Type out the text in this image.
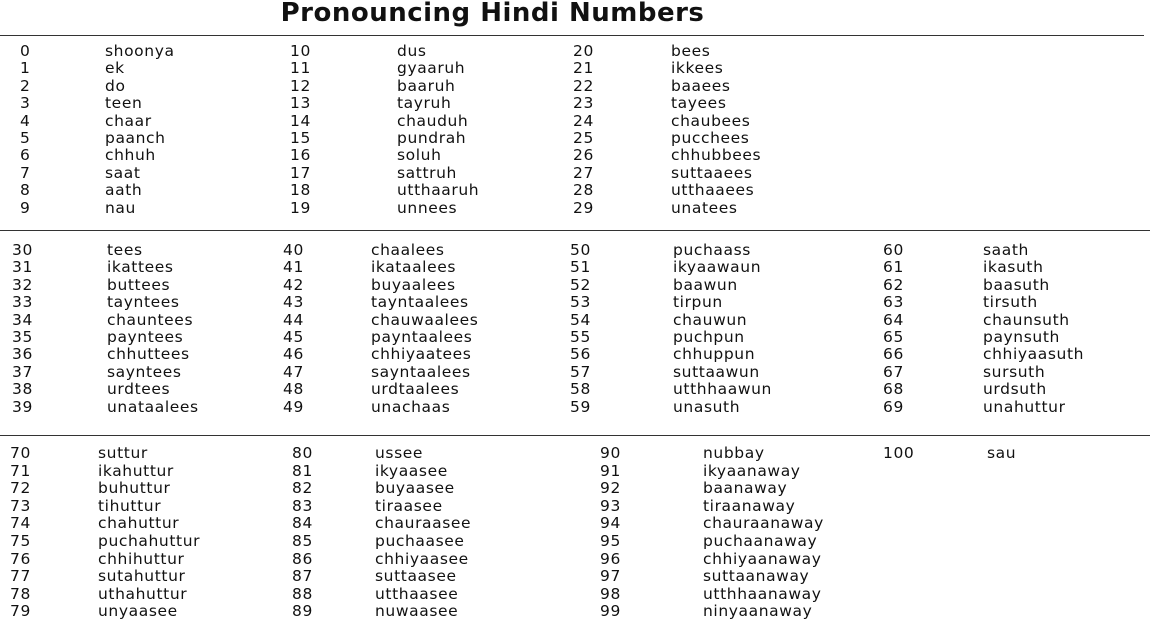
Pronouncing Hindi Numbers
0	shoonya
1	ek
2	do
3	teen
4	chaar
5	paanch
6	chhuh
7	saat
8	aath
9	nau
10	dus
11	gyaaruh
12	baaruh
13	tayruh
14	chauduh
15	pundrah
16	soluh
17	sattruh
18	utthaaruh
19	unnees
20	bees
21	ikkees
22	baaees
23	tayees
24	chaubees
25	pucchees
26	chhubbees
27	suttaaees
28	utthaaees
29	unatees
30	tees
31	ikattees
32	buttees
33	tayntees
34	chauntees
35	payntees
36	chhuttees
37	sayntees
38	urdtees
39	unataalees
40	chaalees
41	ikataalees
42	buyaalees
43	tayntaalees
44	chauwaalees
45	payntaalees
46	chhiyaatees
47	sayntaalees
48	urdtaalees
49	unachaas
50	puchaass
51	ikyaawaun
52	baawun
53	tirpun
54	chauwun
55	puchpun
56	chhuppun
57	suttaawun
58	utthhaawun
59	unasuth
60	saath
61	ikasuth
62	baasuth
63	tirsuth
64	chaunsuth
65	paynsuth
66	chhiyaasuth
67	sursuth
68	urdsuth
69	unahuttur
70	suttur
71	ikahuttur
72	buhuttur
73	tihuttur
74	chahuttur
75	puchahuttur
76	chhihuttur
77	sutahuttur
78	uthahuttur
79	unyaasee
80	ussee
81	ikyaasee
82	buyaasee
83	tiraasee
84	chauraasee
85	puchaasee
86	chhiyaasee
87	suttaasee
88	utthaasee
89	nuwaasee
90	nubbay
91	ikyaanaway
92	baanaway
93	tiraanaway
94	chauraanaway
95	puchaanaway
96	chhiyaanaway
97	suttaanaway
98	utthhaanaway
99	ninyaanaway
100	sau
